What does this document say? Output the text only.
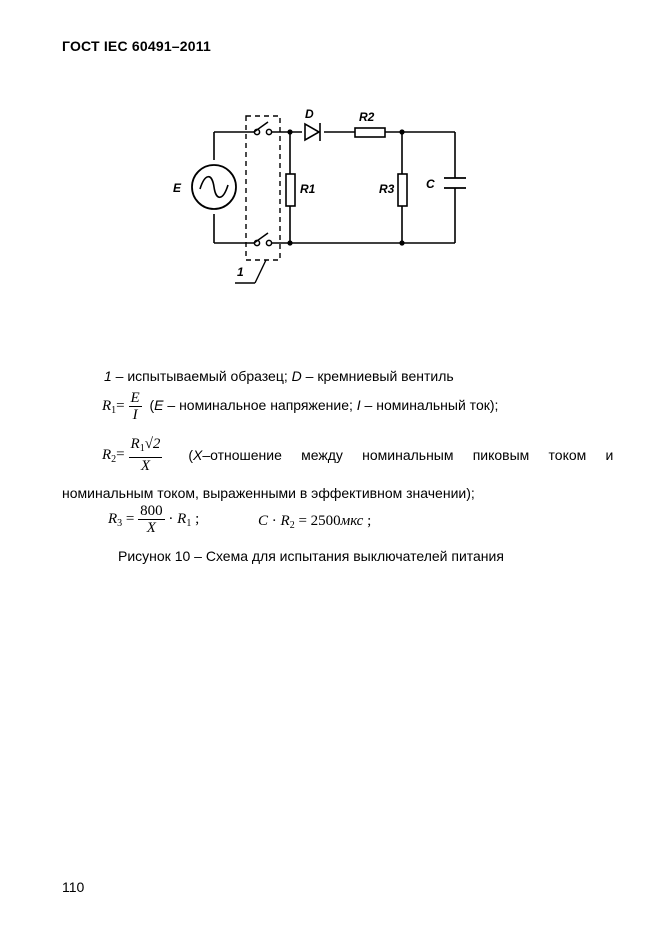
ГОСТ IEC 60491–2011
E
D	R2
R1	R3	C
1
1 – испытываемый образец; D – кремниевый вентиль
$R_1= \frac{E}{I} (E$ – номинальное напряжение; I – номинальный ток);
$R_2= \frac{R_1√2}{X}$ (X–отношение между номинальным пиковым током и
номинальным током, выраженными в эффективном значении);
$R_3 = \frac{800}{X} \cdot R_1$ ;	$C \cdot R_2 = 2500мкс$ ;
Рисунок 10 – Схема для испытания выключателей питания
110
